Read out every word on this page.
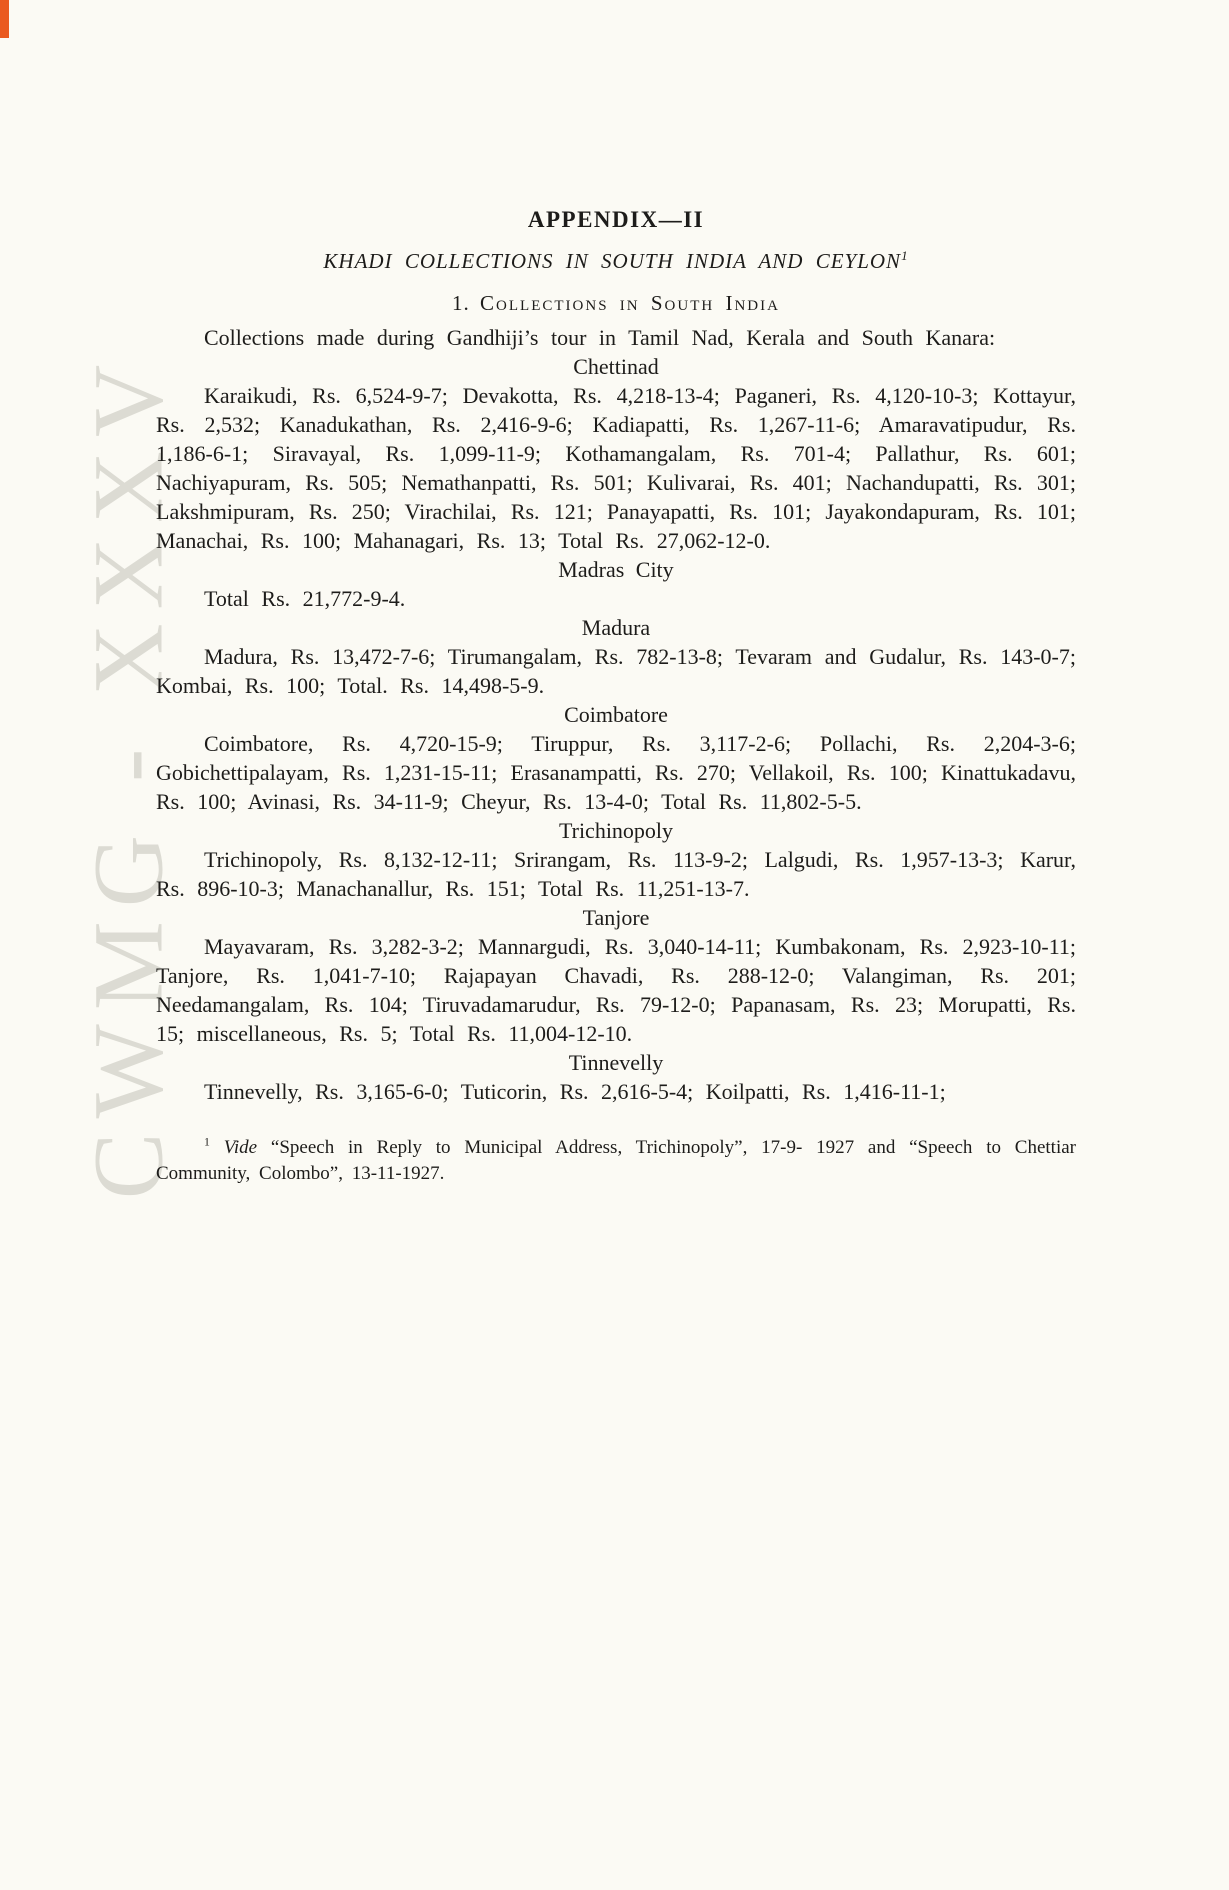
CWMG - XXXV
APPENDIX—II
KHADI COLLECTIONS IN SOUTH INDIA AND CEYLON$^1$
1. Collections in South India

Collections made during Gandhiji’s tour in Tamil Nad, Kerala and South Kanara:

Chettinad

Karaikudi, Rs. 6,524-9-7; Devakotta, Rs. 4,218-13-4; Paganeri, Rs. 4,120-10-3; Kottayur, Rs. 2,532; Kanadukathan, Rs. 2,416-9-6; Kadiapatti, Rs. 1,267-11-6; Amaravatipudur, Rs. 1,186-6-1; Siravayal, Rs. 1,099-11-9; Kothamangalam, Rs. 701-4; Pallathur, Rs. 601; Nachiyapuram, Rs. 505; Nemathanpatti, Rs. 501; Kulivarai, Rs. 401; Nachandupatti, Rs. 301; Lakshmipuram, Rs. 250; Virachilai, Rs. 121; Panayapatti, Rs. 101; Jayakondapuram, Rs. 101; Manachai, Rs. 100; Mahanagari, Rs. 13; Total Rs. 27,062-12-0.

Madras City

Total Rs. 21,772-9-4.

Madura

Madura, Rs. 13,472-7-6; Tirumangalam, Rs. 782-13-8; Tevaram and Gudalur, Rs. 143-0-7; Kombai, Rs. 100; Total. Rs. 14,498-5-9.

Coimbatore

Coimbatore, Rs. 4,720-15-9; Tiruppur, Rs. 3,117-2-6; Pollachi, Rs. 2,204-3-6; Gobichettipalayam, Rs. 1,231-15-11; Erasanampatti, Rs. 270; Vellakoil, Rs. 100; Kinattukadavu, Rs. 100; Avinasi, Rs. 34-11-9; Cheyur, Rs. 13-4-0; Total Rs. 11,802-5-5.

Trichinopoly

Trichinopoly, Rs. 8,132-12-11; Srirangam, Rs. 113-9-2; Lalgudi, Rs. 1,957-13-3; Karur, Rs. 896-10-3; Manachanallur, Rs. 151; Total Rs. 11,251-13-7.

Tanjore

Mayavaram, Rs. 3,282-3-2; Mannargudi, Rs. 3,040-14-11; Kumbakonam, Rs. 2,923-10-11; Tanjore, Rs. 1,041-7-10; Rajapayan Chavadi, Rs. 288-12-0; Valangiman, Rs. 201; Needamangalam, Rs. 104; Tiruvadamarudur, Rs. 79-12-0; Papanasam, Rs. 23; Morupatti, Rs. 15; miscellaneous, Rs. 5; Total Rs. 11,004-12-10.

Tinnevelly

Tinnevelly, Rs. 3,165-6-0; Tuticorin, Rs. 2,616-5-4; Koilpatti, Rs. 1,416-11-1;

$^1$ Vide “Speech in Reply to Municipal Address, Trichinopoly”, 17-9- 1927 and “Speech to Chettiar Community, Colombo”, 13-11-1927.
